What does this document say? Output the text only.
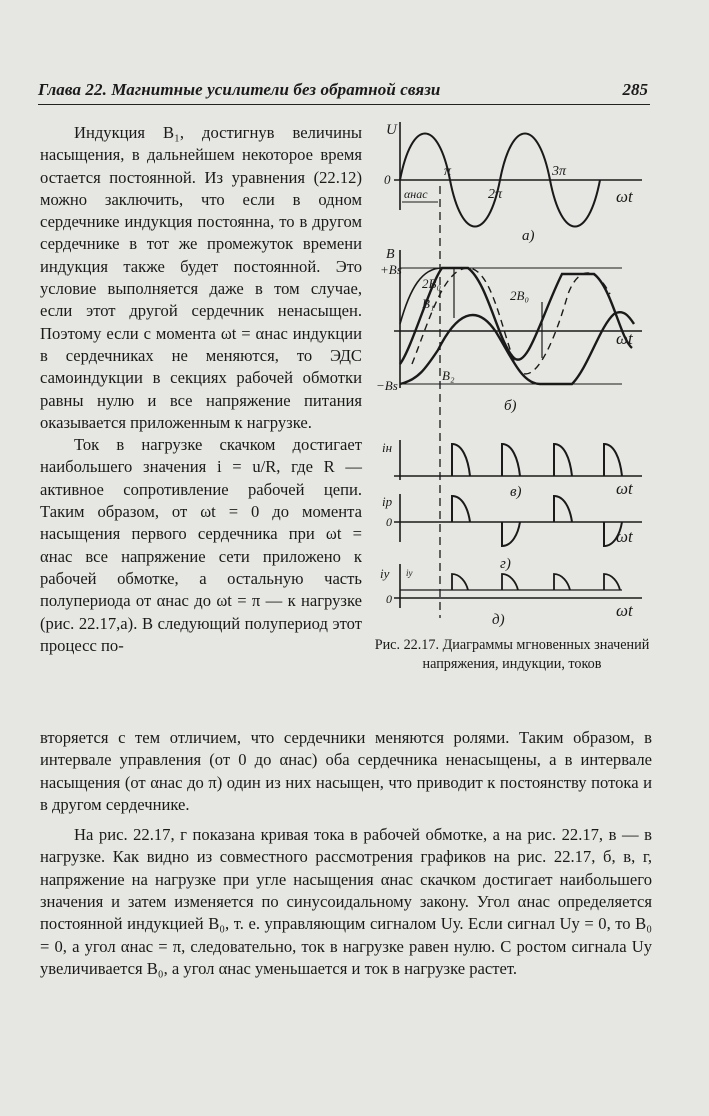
Глава 22. Магнитные усилители без обратной связи	285

Индукция B₁, достигнув величины насыщения, в дальнейшем некоторое время остается постоянной. Из уравнения (22.12) можно заключить, что если в одном сердечнике индукция постоянна, то в другом сердечнике в тот же промежуток времени индукция также будет постоянной. Это условие выполняется даже в том случае, если этот другой сердечник ненасыщен. Поэтому если с момента ωt = αнас индукции в сердечниках не меняются, то ЭДС самоиндукции в секциях рабочей обмотки равны нулю и все напряжение питания оказывается приложенным к нагрузке.

Ток в нагрузке скачком достигает наибольшего значения i = u/R, где R — активное сопротивление рабочей цепи. Таким образом, от ωt = 0 до момента насыщения первого сердечника при ωt = αнас все напряжение сети приложено к рабочей обмотке, а остальную часть полупериода от αнас до ωt = π — к нагрузке (рис. 22.17,а). В следующий полупериод этот процесс по-

U
0
π
2π
3π
αнас	ωt
а)
B
+Bs
−Bs
B₁
B₂
2B₀
2B₀
ωt
б)
iн
ωt
в)
iр
0
ωt
г)
iу
0
iу
ωt
д)
Рис. 22.17. Диаграммы мгновенных значений напряжения, индукции, токов

вторяется с тем отличием, что сердечники меняются ролями. Таким образом, в интервале управления (от 0 до αнас) оба сердечника ненасыщены, а в интервале насыщения (от αнас до π) один из них насыщен, что приводит к постоянству потока и в другом сердечнике.

На рис. 22.17, г показана кривая тока в рабочей обмотке, а на рис. 22.17, в — в нагрузке. Как видно из совместного рассмотрения графиков на рис. 22.17, б, в, г, напряжение на нагрузке при угле насыщения αнас скачком достигает наибольшего значения и затем изменяется по синусоидальному закону. Угол αнас определяется постоянной индукцией B₀, т. е. управляющим сигналом Uу. Если сигнал Uу = 0, то B₀ = 0, а угол αнас = π, следовательно, ток в нагрузке равен нулю. С ростом сигнала Uу увеличивается B₀, а угол αнас уменьшается и ток в нагрузке растет.
